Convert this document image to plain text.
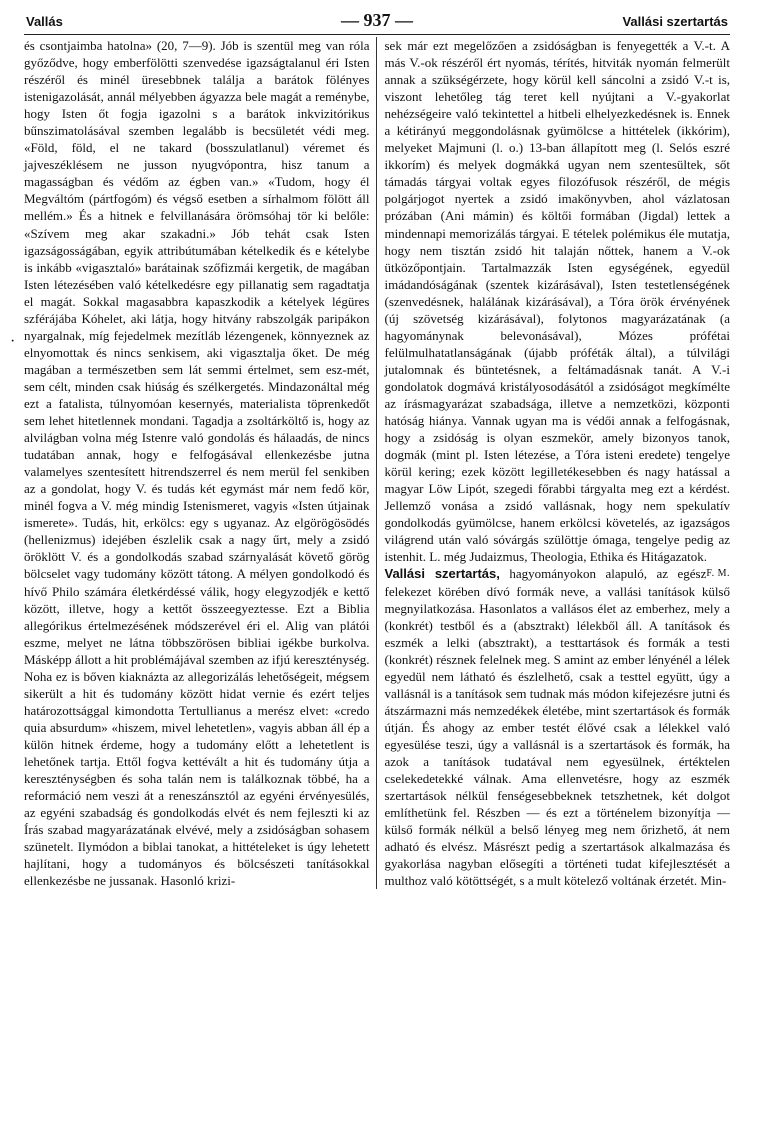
Vallás	— 937 —	Vallási szertartás
·

és csontjaimba hatolna» (20, 7—9). Jób is szentül meg van róla győződve, hogy emberfölötti szenvedése igazságtalanul éri Isten részéről és minél üresebbnek találja a barátok fölényes istenigazolását, annál mélyebben ágyazza bele magát a reménybe, hogy Isten őt fogja igazolni s a barátok inkvizitórikus bűnszimatolásával szemben legalább is becsületét védi meg. «Föld, föld, el ne takard (bosszulatlanul) véremet és jajveszéklésem ne jusson nyugvópontra, hisz tanum a magasságban és védőm az égben van.» «Tudom, hogy él Megváltóm (pártfogóm) és végső esetben a sírhalmom fölött áll mellém.» És a hitnek e felvillanására örömsóhaj tör ki belőle: «Szívem meg akar szakadni.» Jób tehát csak Isten igazságosságában, egyik attribútumában kételkedik és e kételybe is inkább «vigasztaló» barátainak szőfizmái kergetik, de magában Isten létezésében való kételkedésre egy pillanatig sem ragadtatja el magát. Sokkal magasabbra kapaszkodik a kételyek légüres szférájába Kóhelet, aki látja, hogy hitvány rabszolgák paripákon nyargalnak, míg fejedelmek mezítláb lézengenek, könnyeznek az elnyomottak és nincs senkisem, aki vigasztalja őket. De még magában a természetben sem lát semmi értelmet, sem esz-mét, sem célt, minden csak hiúság és szélkergetés. Mindazonáltal még ezt a fatalista, túlnyomóan kesernyés, materialista töprenkedőt sem lehet hitetlennek mondani. Tagadja a zsoltárköltő is, hogy az alvilágban volna még Istenre való gondolás és hálaadás, de nincs tudatában annak, hogy e felfogásával ellenkezésbe jutna valamelyes szentesített hitrendszerrel és nem merül fel senkiben az a gondolat, hogy V. és tudás két egymást már nem fedő kör, minél fogva a V. még mindig Istenismeret, vagyis «Isten útjainak ismerete». Tudás, hit, erkölcs: egy s ugyanaz. Az elgörögösödés (hellenizmus) idejében észlelik csak a nagy űrt, mely a zsidó öröklött V. és a gondolkodás szabad szárnyalását követő görög bölcselet vagy tudomány között tátong. A mélyen gondolkodó és hívő Philo számára életkérdéssé válik, hogy elegyzodjék e kettő között, illetve, hogy a kettőt összeegyeztesse. Ezt a Biblia allegórikus értelmezésének módszerével éri el. Alig van plátói eszme, melyet ne látna többszörösen bibliai igékbe burkolva. Másképp állott a hit problémájával szemben az ifjú kereszténység. Noha ez is bőven kiaknázta az allegorizálás lehetőségeit, mégsem sikerült a hit és tudomány között hidat vernie és ezért teljes határozottsággal kimondotta Tertullianus a merész elvet: «credo quia absurdum» «hiszem, mivel lehetetlen», vagyis abban áll ép a külön hitnek érdeme, hogy a tudomány előtt a lehetetlent is lehetőnek tartja. Ettől fogva kettévált a hit és tudomány útja a kereszténységben és soha talán nem is találkoznak többé, ha a reformáció nem veszi át a reneszánsztól az egyéni érvényesülés, az egyéni szabadság és gondolkodás elvét és nem fejleszti ki az Írás szabad magyarázatának elvévé, mely a zsidóságban sohasem szünetelt. Ilymódon a biblai tanokat, a hittételeket is úgy lehetett hajlítani, hogy a tudományos és bölcsészeti tanításokkal ellenkezésbe ne jussanak. Hasonló krizi-

sek már ezt megelőzően a zsidóságban is fenyegették a V.-t. A más V.-ok részéről ért nyomás, térítés, hitviták nyomán felmerült annak a szükségérzete, hogy körül kell sáncolni a zsidó V.-t is, viszont lehetőleg tág teret kell nyújtani a V.-gyakorlat nehézségeire való tekintettel a hitbeli elhelyezkedésnek is. Ennek a kétirányú meggondolásnak gyümölcse a hittételek (ikkórim), melyeket Majmuni (l. o.) 13-ban állapított meg (l. Selós eszré ikkorím) és melyek dogmákká ugyan nem szentesültek, sőt támadás tárgyai voltak egyes filozófusok részéről, de mégis polgárjogot nyertek a zsidó imakönyvben, ahol vázlatosan prózában (Ani mámin) és költői formában (Jigdal) lettek a mindennapi memorizálás tárgyai. E tételek polémikus éle mutatja, hogy nem tisztán zsidó hit talaján nőttek, hanem a V.-ok ütközőpontjain. Tartalmazzák Isten egységének, egyedül imádandóságának (szentek kizárásával), Isten testetlenségének (szenvedésnek, halálának kizárásával), a Tóra örök érvényének (új szövetség kizárásával), folytonos magyarázatának (a hagyománynak belevonásával), Mózes prófétai felülmulhatatlanságának (újabb próféták által), a túlvilági jutalomnak és büntetésnek, a feltámadásnak tanát. A V.-i gondolatok dogmává kristályosodásától a zsidóságot megkímélte az írásmagyarázat szabadsága, illetve a nemzetközi, központi hatóság hiánya. Vannak ugyan ma is védői annak a felfogásnak, hogy a zsidóság is olyan eszmekör, amely bizonyos tanok, dogmák (mint pl. Isten létezése, a Tóra isteni eredete) tengelye körül kering; ezek között legilletékesebben és nagy hatással a magyar Löw Lipót, szegedi főrabbi tárgyalta meg ezt a kérdést. Jellemző vonása a zsidó vallásnak, hogy nem spekulatív gondolkodás gyümölcse, hanem erkölcsi követelés, az igazságos világrend után való sóvárgás szülöttje ómaga, tengelye pedig az istenhit. L. még Judaizmus, Theologia, Ethika és Hitágazatok.
F. M.

Vallási szertartás, hagyományokon alapuló, az egész felekezet körében dívó formák neve, a vallási tanítások külső megnyilatkozása. Hasonlatos a vallásos élet az emberhez, mely a (konkrét) testből és a (absztrakt) lélekből áll. A tanítások és eszmék a lelki (absztrakt), a testtartások és formák a testi (konkrét) résznek felelnek meg. S amint az ember lényénél a lélek egyedül nem látható és észlelhető, csak a testtel együtt, úgy a vallásnál is a tanítások sem tudnak más módon kifejezésre jutni és átszármazni más nemzedékek életébe, mint szertartások és formák útján. És ahogy az ember testét élővé csak a lélekkel való egyesülése teszi, úgy a vallásnál is a szertartások és formák, ha azok a tanítások tudatával nem egyesülnek, értéktelen cselekedetekké válnak. Ama ellenvetésre, hogy az eszmék szertartások nélkül fenségesebbeknek tetszhetnek, két dolgot említhetünk fel. Részben — és ezt a történelem bizonyítja — külső formák nélkül a belső lényeg meg nem őrizhető, át nem adható és elvész. Másrészt pedig a szertartások alkalmazása és gyakorlása nagyban elősegíti a történeti tudat kifejlesztését a multhoz való kötöttségét, s a mult kötelező voltának érzetét. Min-
